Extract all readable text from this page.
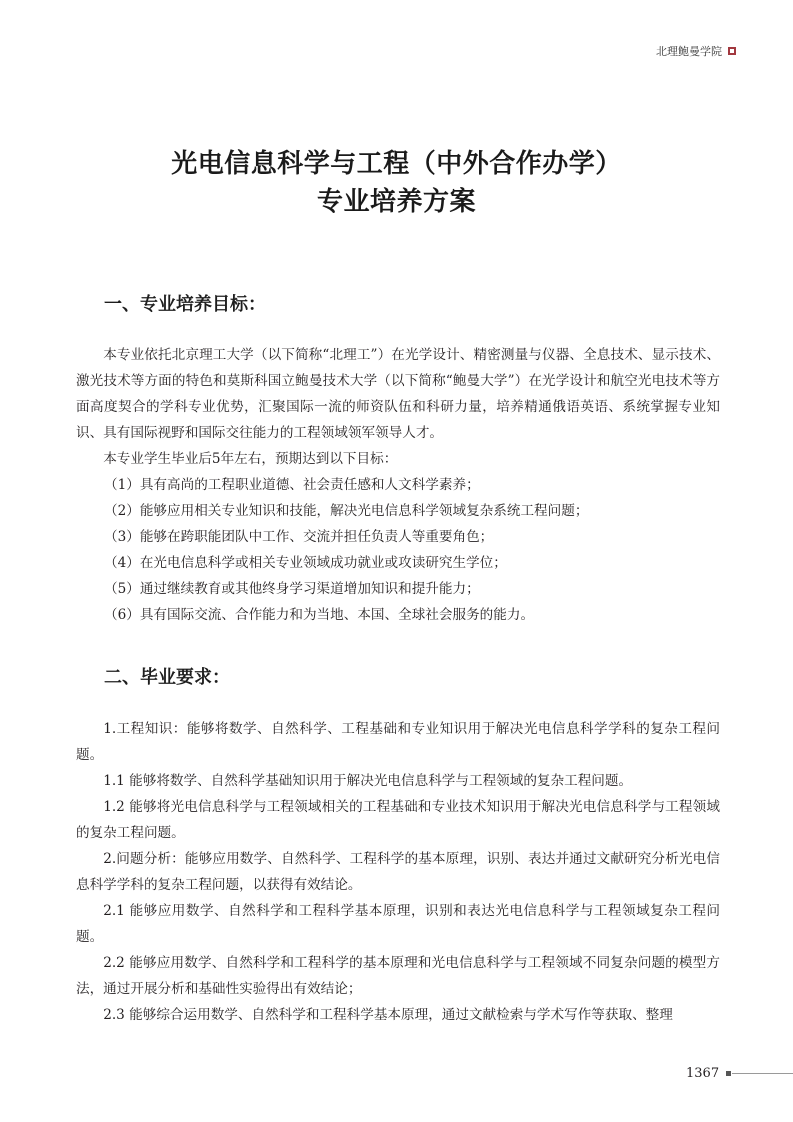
北理鲍曼学院
光电信息科学与工程（中外合作办学）
专业培养方案
一、专业培养目标：

本专业依托北京理工大学（以下简称“北理工”）在光学设计、精密测量与仪器、全息技术、显示技术、激光技术等方面的特色和莫斯科国立鲍曼技术大学（以下简称“鲍曼大学”）在光学设计和航空光电技术等方面高度契合的学科专业优势，汇聚国际一流的师资队伍和科研力量，培养精通俄语英语、系统掌握专业知识、具有国际视野和国际交往能力的工程领域领军领导人才。

本专业学生毕业后5年左右，预期达到以下目标：

（1）具有高尚的工程职业道德、社会责任感和人文科学素养；

（2）能够应用相关专业知识和技能，解决光电信息科学领域复杂系统工程问题；

（3）能够在跨职能团队中工作、交流并担任负责人等重要角色；

（4）在光电信息科学或相关专业领域成功就业或攻读研究生学位；

（5）通过继续教育或其他终身学习渠道增加知识和提升能力；

（6）具有国际交流、合作能力和为当地、本国、全球社会服务的能力。

二、毕业要求：

1.工程知识：能够将数学、自然科学、工程基础和专业知识用于解决光电信息科学学科的复杂工程问题。

1.1 能够将数学、自然科学基础知识用于解决光电信息科学与工程领域的复杂工程问题。

1.2 能够将光电信息科学与工程领域相关的工程基础和专业技术知识用于解决光电信息科学与工程领域的复杂工程问题。

2.问题分析：能够应用数学、自然科学、工程科学的基本原理，识别、表达并通过文献研究分析光电信息科学学科的复杂工程问题，以获得有效结论。

2.1 能够应用数学、自然科学和工程科学基本原理，识别和表达光电信息科学与工程领域复杂工程问题。

2.2 能够应用数学、自然科学和工程科学的基本原理和光电信息科学与工程领域不同复杂问题的模型方法，通过开展分析和基础性实验得出有效结论；

2.3 能够综合运用数学、自然科学和工程科学基本原理，通过文献检索与学术写作等获取、整理

1367
